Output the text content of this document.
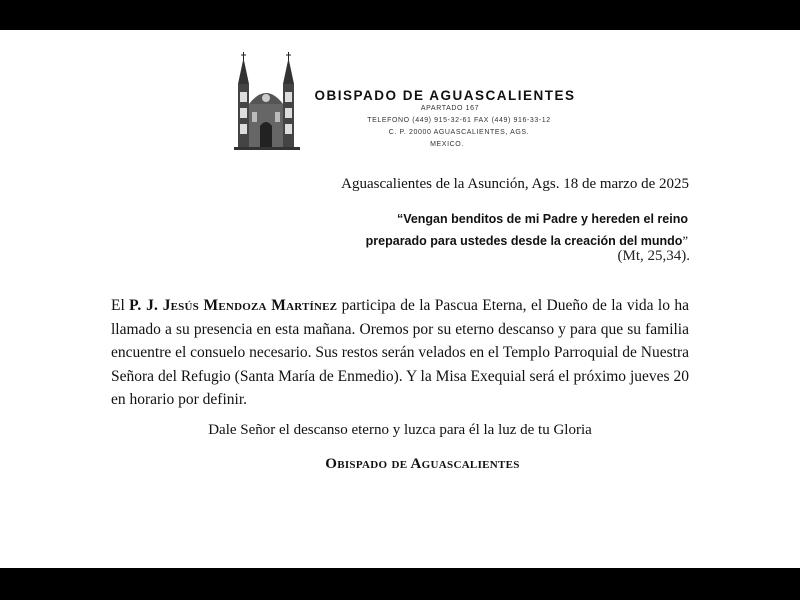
OBISPADO DE AGUASCALIENTES
APARTADO 167
TELEFONO (449) 915-32-61 FAX (449) 916-33-12
C. P. 20000 AGUASCALIENTES, AGS.
MEXICO.
Aguascalientes de la Asunción, Ags. 18 de marzo de 2025
“Vengan benditos de mi Padre y hereden el reino
preparado para ustedes desde la creación del mundo”
(Mt, 25,34).
El P. J. Jesús Mendoza Martínez participa de la Pascua Eterna, el Dueño de la vida lo ha llamado a su presencia en esta mañana. Oremos por su eterno descanso y para que su familia encuentre el consuelo necesario. Sus restos serán velados en el Templo Parroquial de Nuestra Señora del Refugio (Santa María de Enmedio). Y la Misa Exequial será el próximo jueves 20 en horario por definir.
Dale Señor el descanso eterno y luzca para él la luz de tu Gloria
Obispado de Aguascalientes
